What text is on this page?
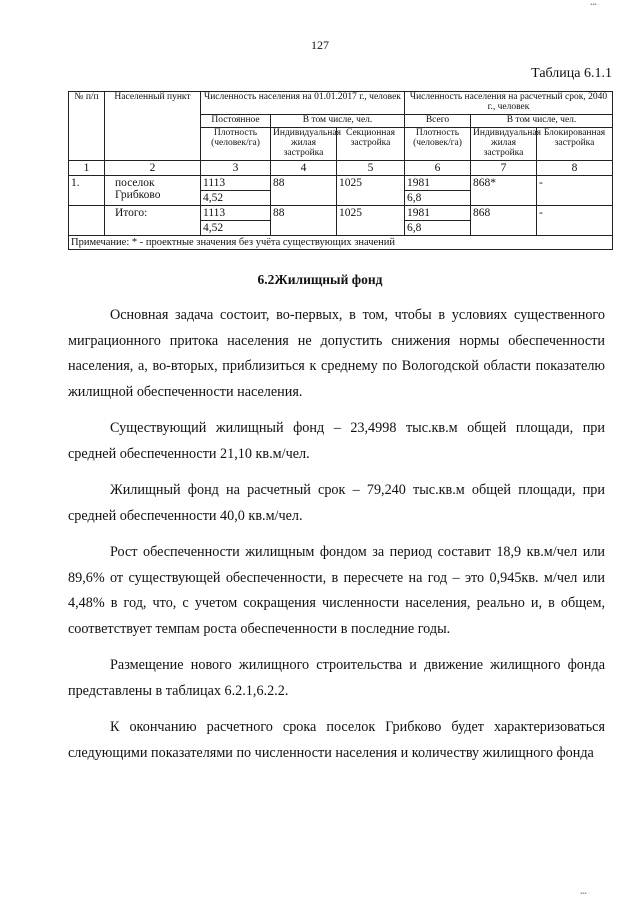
127
Таблица 6.1.1
№ п/п	Населенный пункт	Численность населения на 01.01.2017 г., человек			Численность населения на расчетный срок, 2040 г., человек		
		Постоянное	В том числе, чел.		Всего	В том числе, чел.	
		Плотность (человек/га)	Индивидуальная жилая застройка	Секционная застройка	Плотность (человек/га)	Индивидуальная жилая застройка	Блокированная застройка
1	2	3	4	5	6	7	8
1.	поселок Грибково	1113	88	1025	1981	868*	-
		4,52			6,8		
	Итого:	1113	88	1025	1981	868	-
		4,52			6,8		
Примечание: * - проектные значения без учёта существующих значений							
6.2Жилищный фонд

Основная задача состоит, во-первых, в том, чтобы в условиях существенного миграционного притока населения не допустить снижения нормы обеспеченности населения, а, во-вторых, приблизиться к среднему по Вологодской области показателю жилищной обеспеченности населения.

Существующий жилищный фонд – 23,4998 тыс.кв.м общей площади, при средней обеспеченности 21,10 кв.м/чел.

Жилищный фонд на расчетный срок – 79,240 тыс.кв.м общей площади, при средней обеспеченности 40,0 кв.м/чел.

Рост обеспеченности жилищным фондом за период составит 18,9 кв.м/чел или 89,6% от существующей обеспеченности, в пересчете на год – это 0,945кв. м/чел или 4,48% в год, что, с учетом сокращения численности населения, реально и, в общем, соответствует темпам роста обеспеченности в последние годы.

Размещение нового жилищного строительства и движение жилищного фонда представлены в таблицах 6.2.1,6.2.2.

К окончанию расчетного срока поселок Грибково будет характеризоваться следующими показателями по численности населения и количеству жилищного фонда

▪▪▪ ·
▪▪▪ ·
